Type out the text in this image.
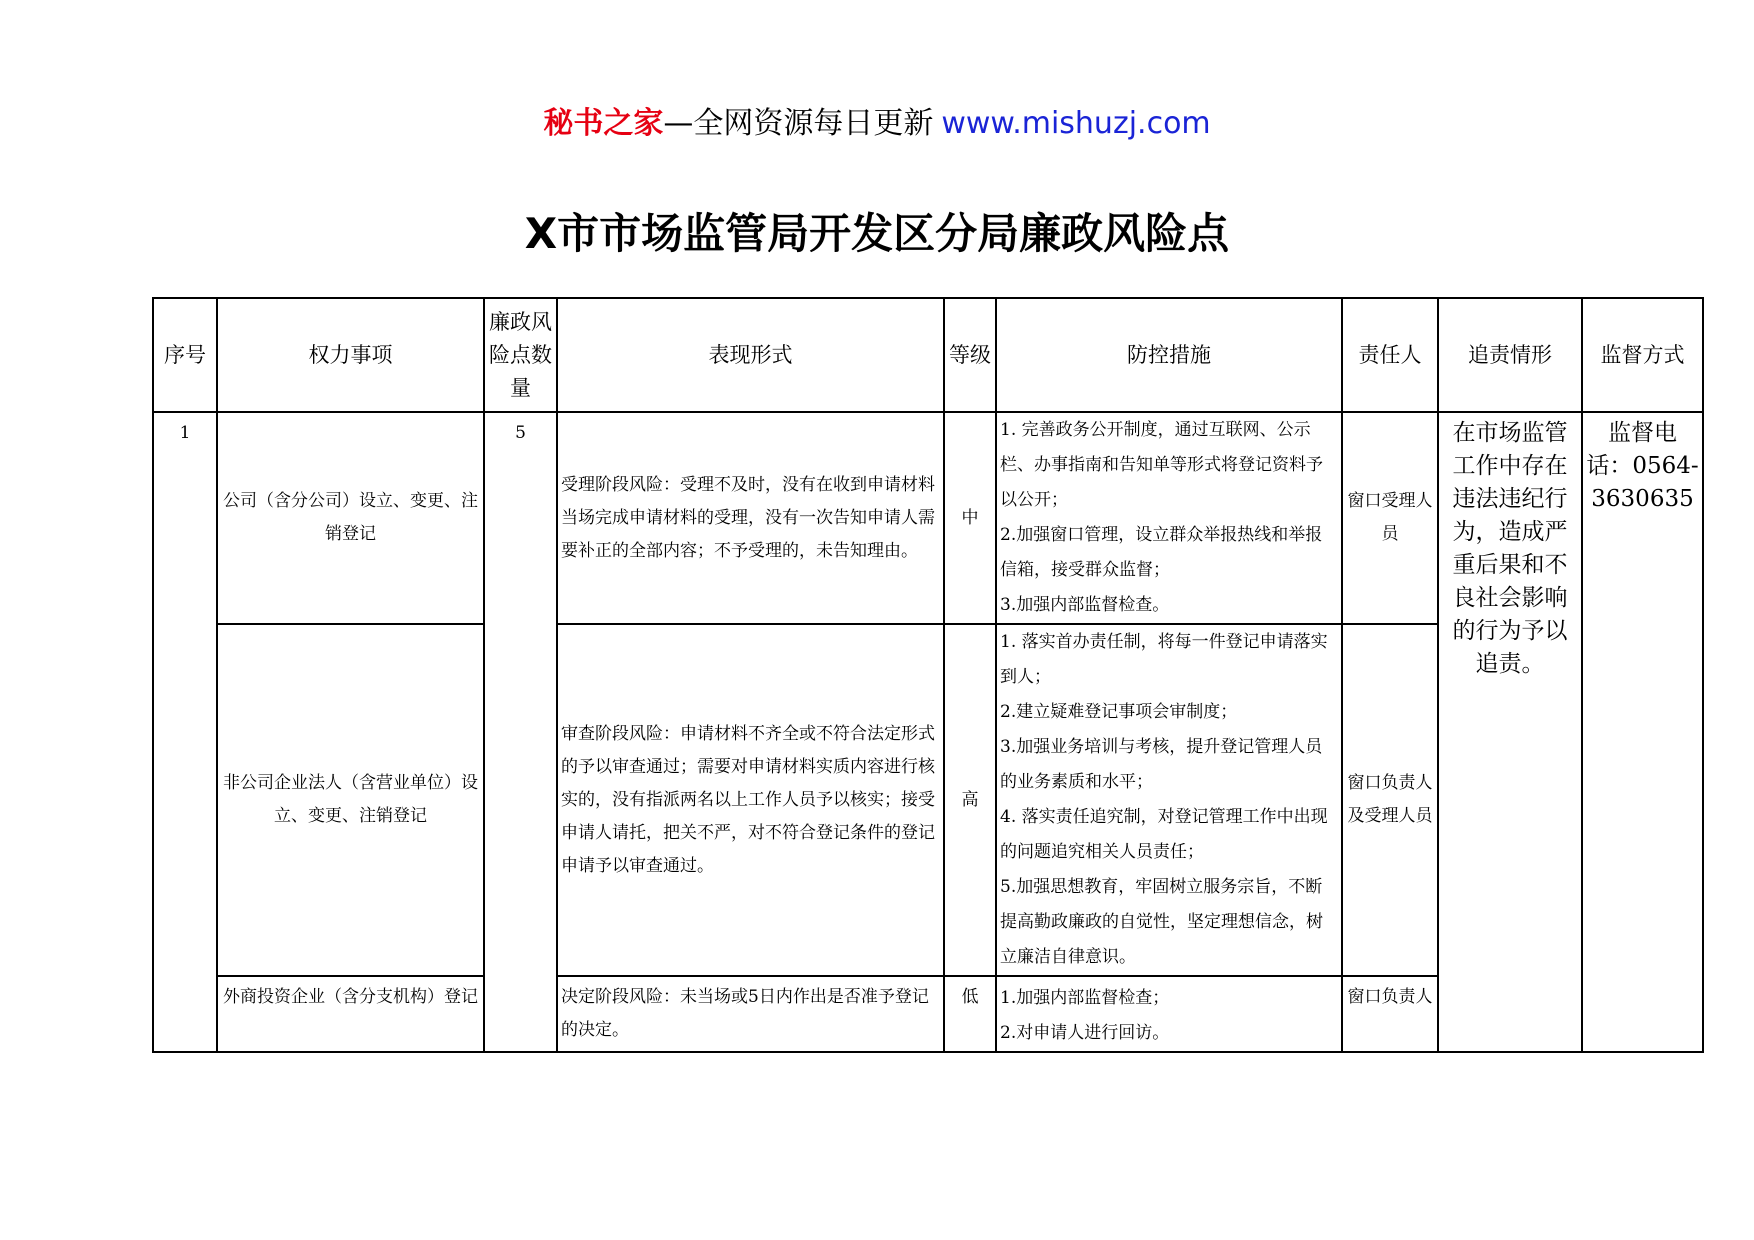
秘书之家—全网资源每日更新 www.mishuzj.com
X市市场监管局开发区分局廉政风险点
序号	权力事项	廉政风险点数量	表现形式	等级	防控措施	责任人	追责情形	监督方式
1	公司（含分公司）设立、变更、注销登记	5	受理阶段风险：受理不及时，没有在收到申请材料当场完成申请材料的受理，没有一次告知申请人需要补正的全部内容；不予受理的，未告知理由。	中	1. 完善政务公开制度，通过互联网、公示栏、办事指南和告知单等形式将登记资料予以公开；
2.加强窗口管理，设立群众举报热线和举报信箱，接受群众监督；
3.加强内部监督检查。	窗口受理人员	在市场监管工作中存在违法违纪行为，造成严重后果和不良社会影响的行为予以追责。	监督电话：0564-3630635
	非公司企业法人（含营业单位）设立、变更、注销登记		审查阶段风险：申请材料不齐全或不符合法定形式的予以审查通过；需要对申请材料实质内容进行核实的，没有指派两名以上工作人员予以核实；接受申请人请托，把关不严，对不符合登记条件的登记申请予以审查通过。	高	1. 落实首办责任制，将每一件登记申请落实到人；
2.建立疑难登记事项会审制度；
3.加强业务培训与考核，提升登记管理人员的业务素质和水平；
4. 落实责任追究制，对登记管理工作中出现的问题追究相关人员责任；
5.加强思想教育，牢固树立服务宗旨，不断提高勤政廉政的自觉性，坚定理想信念，树立廉洁自律意识。	窗口负责人及受理人员		
	外商投资企业（含分支机构）登记		决定阶段风险：未当场或5日内作出是否准予登记的决定。	低	1.加强内部监督检查；
2.对申请人进行回访。	窗口负责人		
